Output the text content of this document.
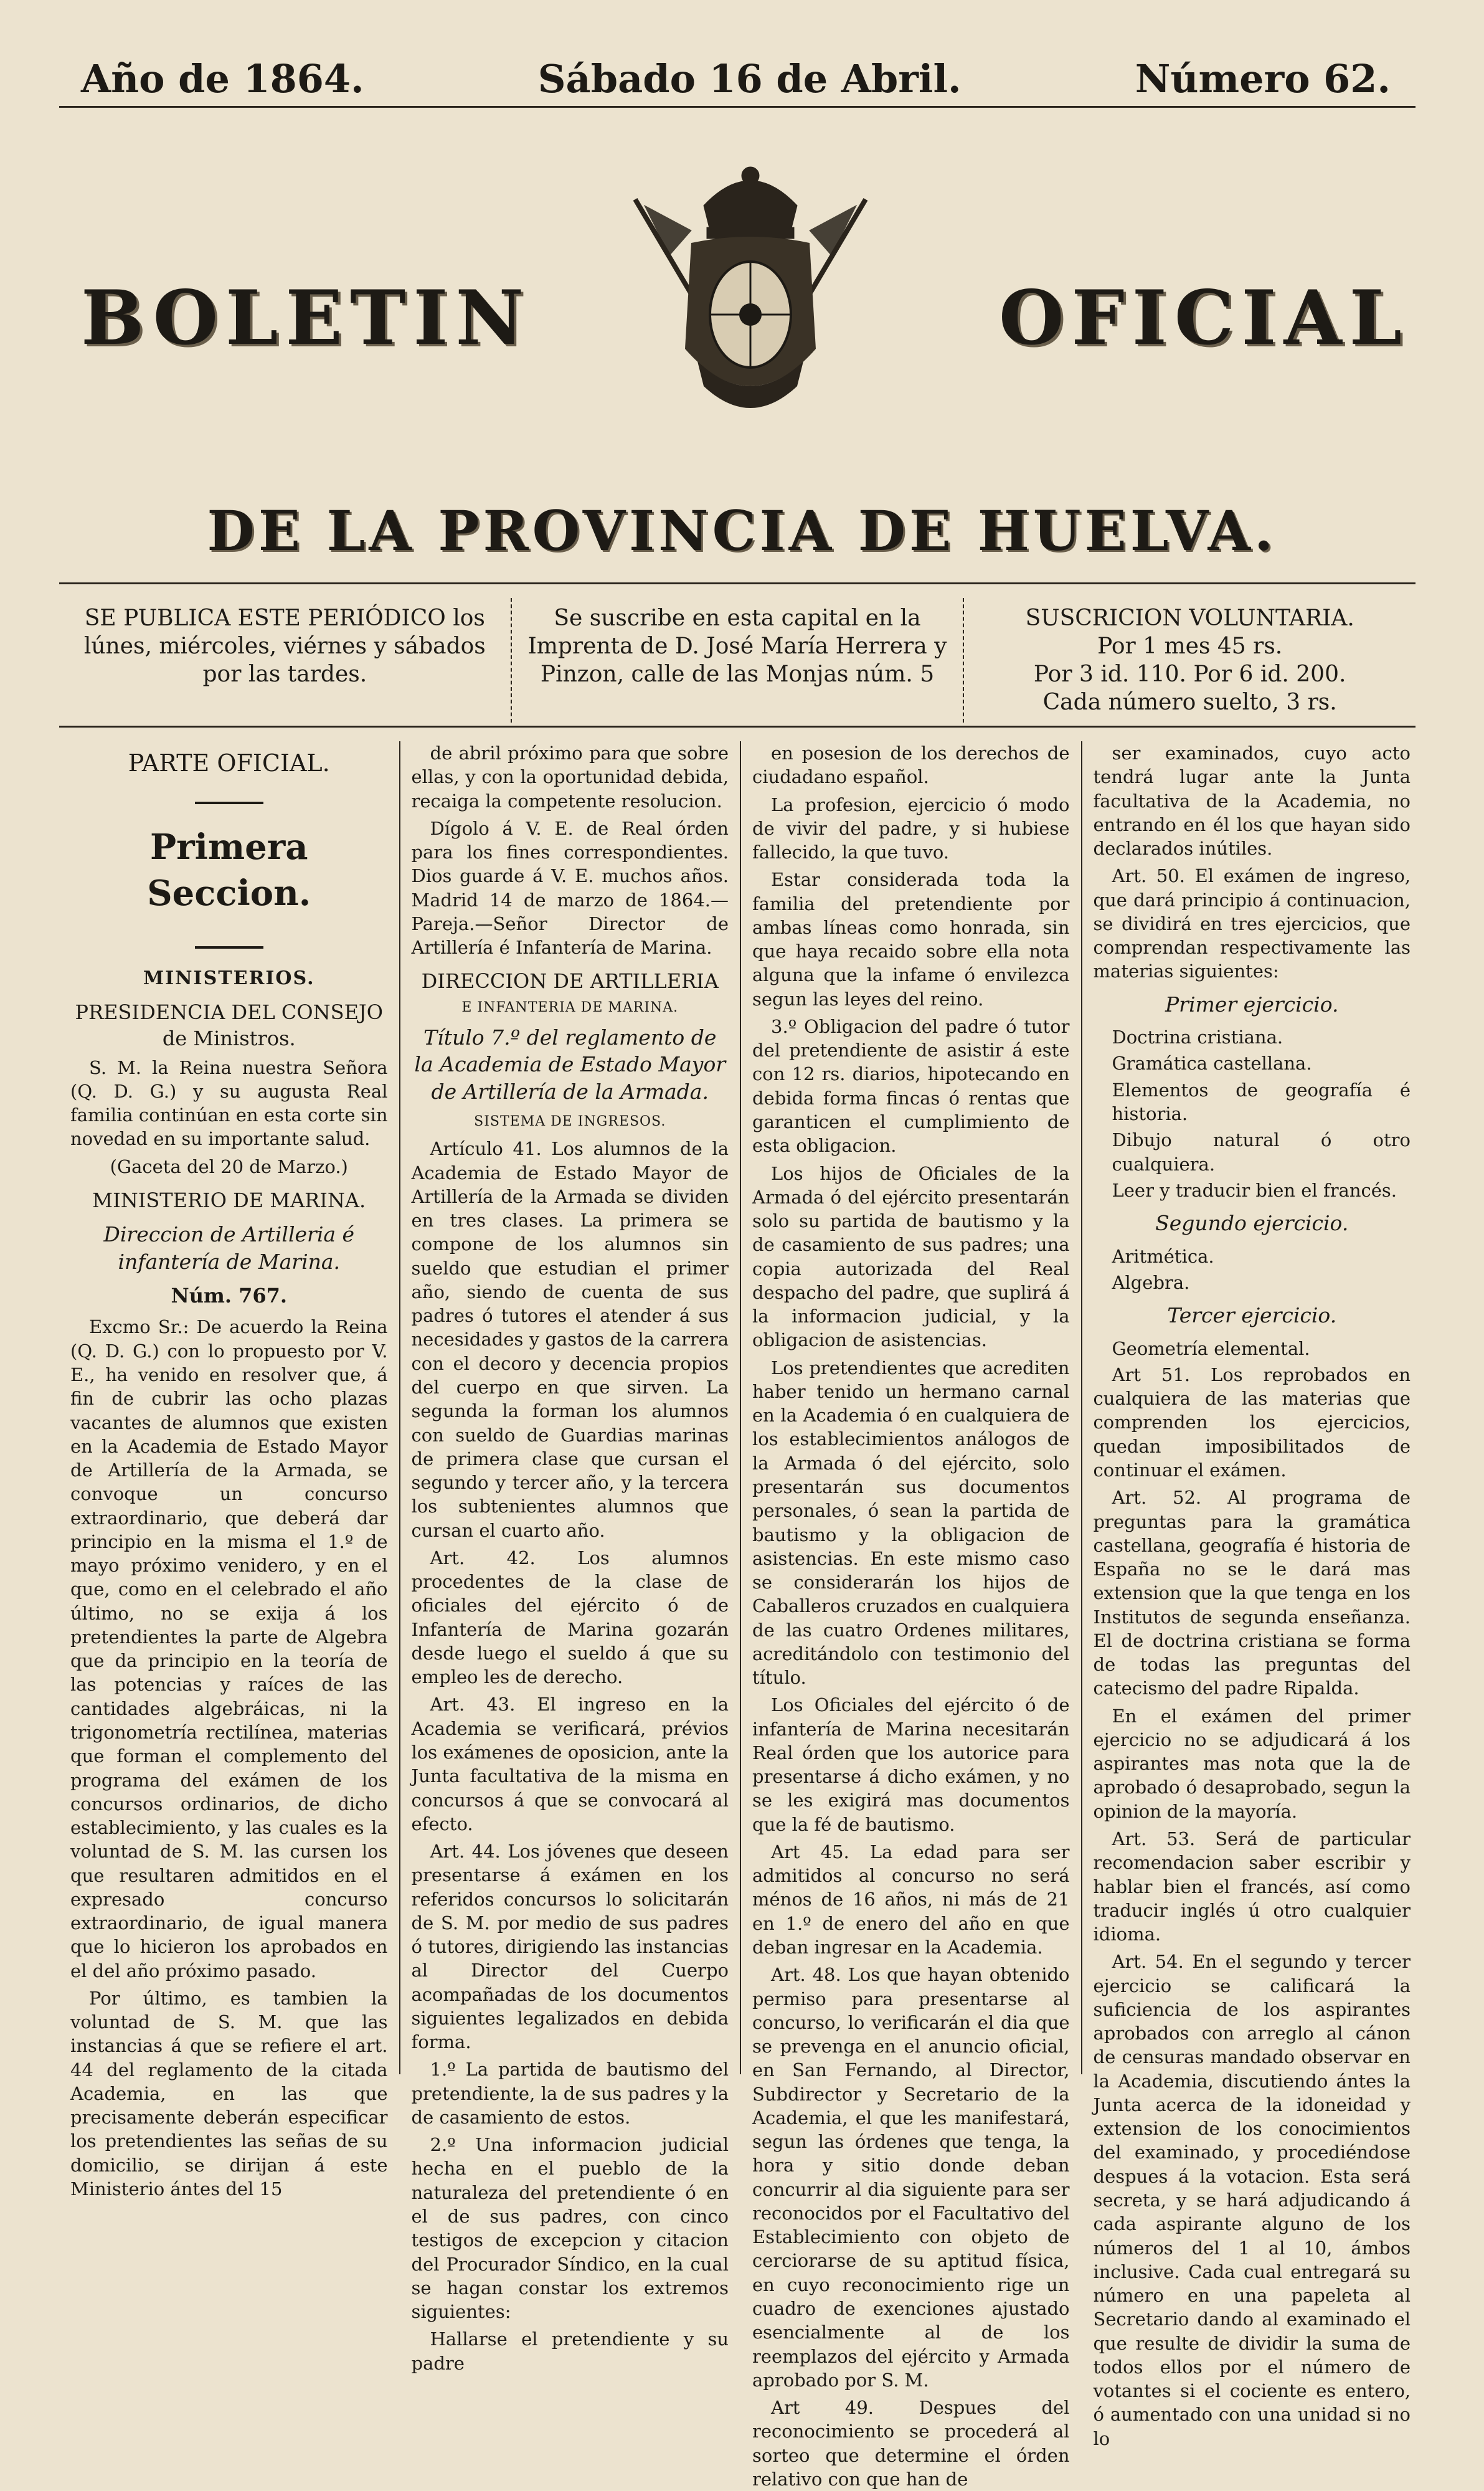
Año de 1864.	Sábado 16 de Abril.	Número 62.
BOLETIN	OFICIAL
DE LA PROVINCIA DE HUELVA.
SE PUBLICA ESTE PERIÓDICO los lúnes, miércoles, viérnes y sábados por las tardes.
Se suscribe en esta capital en la Imprenta de D. José María Herrera y Pinzon, calle de las Monjas núm. 5
SUSCRICION VOLUNTARIA.
Por 1 mes 45 rs.
Por 3 id. 110. Por 6 id. 200.
Cada número suelto, 3 rs.
PARTE OFICIAL.
Primera Seccion.
MINISTERIOS.
PRESIDENCIA DEL CONSEJO de Ministros.

S. M. la Reina nuestra Señora (Q. D. G.) y su augusta Real familia continúan en esta corte sin novedad en su importante salud.

(Gaceta del 20 de Marzo.)

MINISTERIO DE MARINA.
Direccion de Artilleria é infantería de Marina.
Núm. 767.

Excmo Sr.: De acuerdo la Reina (Q. D. G.) con lo propuesto por V. E., ha venido en resolver que, á fin de cubrir las ocho plazas vacantes de alumnos que existen en la Academia de Estado Mayor de Artillería de la Armada, se convoque un concurso extraordinario, que deberá dar principio en la misma el 1.º de mayo próximo venidero, y en el que, como en el celebrado el año último, no se exija á los pretendientes la parte de Algebra que da principio en la teoría de las potencias y raíces de las cantidades algebráicas, ni la trigonometría rectilínea, materias que forman el complemento del programa del exámen de los concursos ordinarios, de dicho establecimiento, y las cuales es la voluntad de S. M. las cursen los que resultaren admitidos en el expresado concurso extraordinario, de igual manera que lo hicieron los aprobados en el del año próximo pasado.

Por último, es tambien la voluntad de S. M. que las instancias á que se refiere el art. 44 del reglamento de la citada Academia, en las que precisamente deberán especificar los pretendientes las señas de su domicilio, se dirijan á este Ministerio ántes del 15

de abril próximo para que sobre ellas, y con la oportunidad debida, recaiga la competente resolucion.

Dígolo á V. E. de Real órden para los fines correspondientes. Dios guarde á V. E. muchos años. Madrid 14 de marzo de 1864.—Pareja.—Señor Director de Artillería é Infantería de Marina.

DIRECCION DE ARTILLERIA
E INFANTERIA DE MARINA.
Título 7.º del reglamento de la Academia de Estado Mayor de Artillería de la Armada.
SISTEMA DE INGRESOS.

Artículo 41. Los alumnos de la Academia de Estado Mayor de Artillería de la Armada se dividen en tres clases. La primera se compone de los alumnos sin sueldo que estudian el primer año, siendo de cuenta de sus padres ó tutores el atender á sus necesidades y gastos de la carrera con el decoro y decencia propios del cuerpo en que sirven. La segunda la forman los alumnos con sueldo de Guardias marinas de primera clase que cursan el segundo y tercer año, y la tercera los subtenientes alumnos que cursan el cuarto año.

Art. 42. Los alumnos procedentes de la clase de oficiales del ejército ó de Infantería de Marina gozarán desde luego el sueldo á que su empleo les de derecho.

Art. 43. El ingreso en la Academia se verificará, prévios los exámenes de oposicion, ante la Junta facultativa de la misma en concursos á que se convocará al efecto.

Art. 44. Los jóvenes que deseen presentarse á exámen en los referidos concursos lo solicitarán de S. M. por medio de sus padres ó tutores, dirigiendo las instancias al Director del Cuerpo acompañadas de los documentos siguientes legalizados en debida forma.

1.º La partida de bautismo del pretendiente, la de sus padres y la de casamiento de estos.

2.º Una informacion judicial hecha en el pueblo de la naturaleza del pretendiente ó en el de sus padres, con cinco testigos de excepcion y citacion del Procurador Síndico, en la cual se hagan constar los extremos siguientes:

Hallarse el pretendiente y su padre

en posesion de los derechos de ciudadano español.

La profesion, ejercicio ó modo de vivir del padre, y si hubiese fallecido, la que tuvo.

Estar considerada toda la familia del pretendiente por ambas líneas como honrada, sin que haya recaido sobre ella nota alguna que la infame ó envilezca segun las leyes del reino.

3.º Obligacion del padre ó tutor del pretendiente de asistir á este con 12 rs. diarios, hipotecando en debida forma fincas ó rentas que garanticen el cumplimiento de esta obligacion.

Los hijos de Oficiales de la Armada ó del ejército presentarán solo su partida de bautismo y la de casamiento de sus padres; una copia autorizada del Real despacho del padre, que suplirá á la informacion judicial, y la obligacion de asistencias.

Los pretendientes que acrediten haber tenido un hermano carnal en la Academia ó en cualquiera de los establecimientos análogos de la Armada ó del ejército, solo presentarán sus documentos personales, ó sean la partida de bautismo y la obligacion de asistencias. En este mismo caso se considerarán los hijos de Caballeros cruzados en cualquiera de las cuatro Ordenes militares, acreditándolo con testimonio del título.

Los Oficiales del ejército ó de infantería de Marina necesitarán Real órden que los autorice para presentarse á dicho exámen, y no se les exigirá mas documentos que la fé de bautismo.

Art 45. La edad para ser admitidos al concurso no será ménos de 16 años, ni más de 21 en 1.º de enero del año en que deban ingresar en la Academia.

Art. 48. Los que hayan obtenido permiso para presentarse al concurso, lo verificarán el dia que se prevenga en el anuncio oficial, en San Fernando, al Director, Subdirector y Secretario de la Academia, el que les manifestará, segun las órdenes que tenga, la hora y sitio donde deban concurrir al dia siguiente para ser reconocidos por el Facultativo del Establecimiento con objeto de cerciorarse de su aptitud física, en cuyo reconocimiento rige un cuadro de exenciones ajustado esencialmente al de los reemplazos del ejército y Armada aprobado por S. M.

Art 49. Despues del reconocimiento se procederá al sorteo que determine el órden relativo con que han de

ser examinados, cuyo acto tendrá lugar ante la Junta facultativa de la Academia, no entrando en él los que hayan sido declarados inútiles.

Art. 50. El exámen de ingreso, que dará principio á continuacion, se dividirá en tres ejercicios, que comprendan respectivamente las materias siguientes:

Primer ejercicio.
Doctrina cristiana.
Gramática castellana.
Elementos de geografía é historia.
Dibujo natural ó otro cualquiera.
Leer y traducir bien el francés.
Segundo ejercicio.
Aritmética.
Algebra.
Tercer ejercicio.
Geometría elemental.

Art 51. Los reprobados en cualquiera de las materias que comprenden los ejercicios, quedan imposibilitados de continuar el exámen.

Art. 52. Al programa de preguntas para la gramática castellana, geografía é historia de España no se le dará mas extension que la que tenga en los Institutos de segunda enseñanza. El de doctrina cristiana se forma de todas las preguntas del catecismo del padre Ripalda.

En el exámen del primer ejercicio no se adjudicará á los aspirantes mas nota que la de aprobado ó desaprobado, segun la opinion de la mayoría.

Art. 53. Será de particular recomendacion saber escribir y hablar bien el francés, así como traducir inglés ú otro cualquier idioma.

Art. 54. En el segundo y tercer ejercicio se calificará la suficiencia de los aspirantes aprobados con arreglo al cánon de censuras mandado observar en la Academia, discutiendo ántes la Junta acerca de la idoneidad y extension de los conocimientos del examinado, y procediéndose despues á la votacion. Esta será secreta, y se hará adjudicando á cada aspirante alguno de los números del 1 al 10, ámbos inclusive. Cada cual entregará su número en una papeleta al Secretario dando al examinado el que resulte de dividir la suma de todos ellos por el número de votantes si el cociente es entero, ó aumentado con una unidad si no lo
